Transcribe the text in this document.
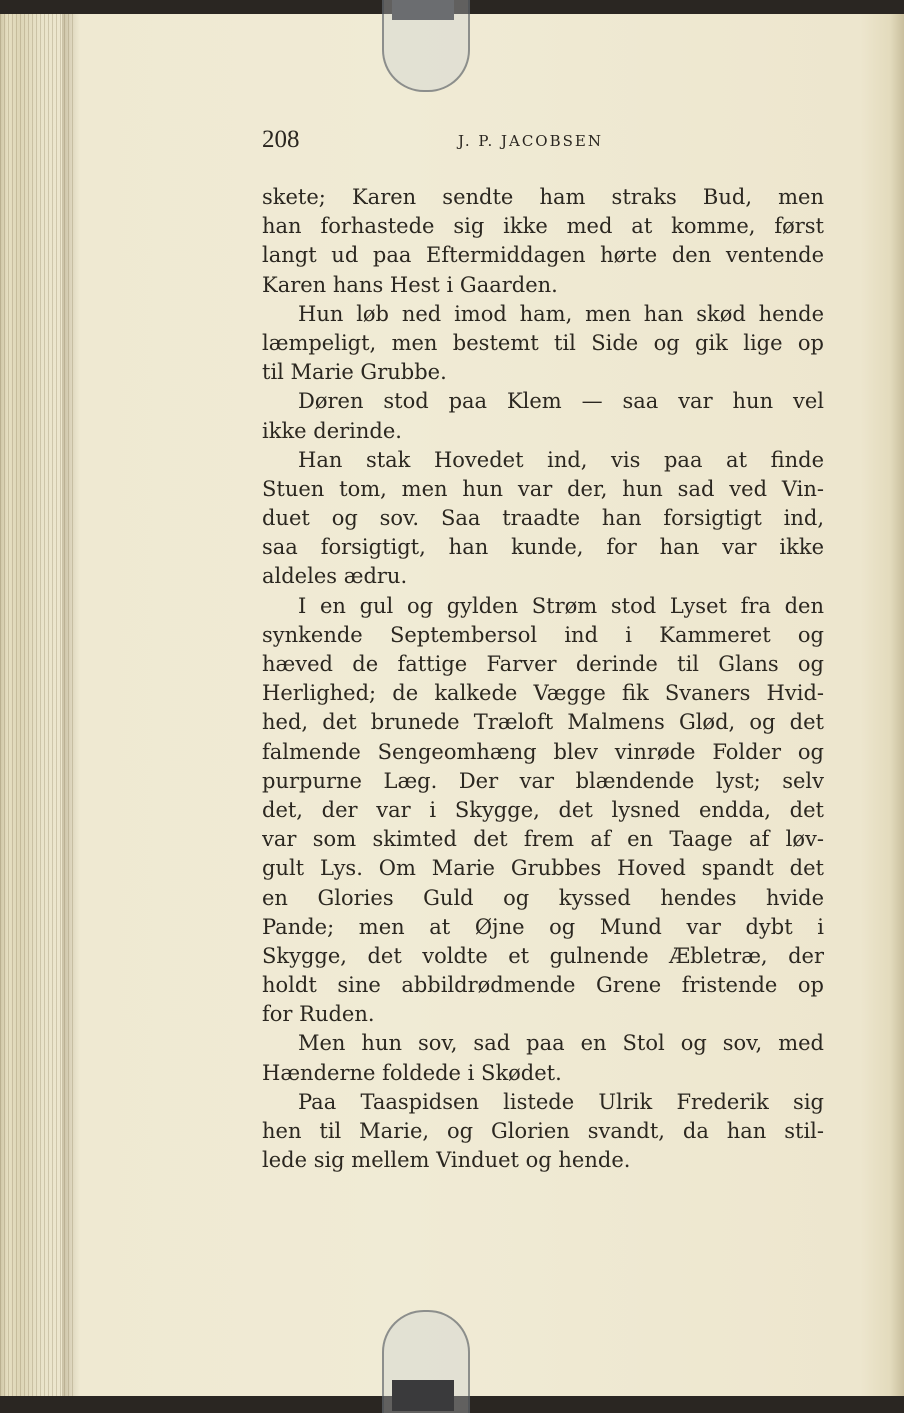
208	J. P. JACOBSEN
skete; Karen sendte ham straks Bud, men
han forhastede sig ikke med at komme, først
langt ud paa Eftermiddagen hørte den ventende
Karen hans Hest i Gaarden.
Hun løb ned imod ham, men han skød hende
læmpeligt, men bestemt til Side og gik lige op
til Marie Grubbe.
Døren stod paa Klem — saa var hun vel
ikke derinde.
Han stak Hovedet ind, vis paa at finde
Stuen tom, men hun var der, hun sad ved Vin-
duet og sov. Saa traadte han forsigtigt ind,
saa forsigtigt, han kunde, for han var ikke
aldeles ædru.
I en gul og gylden Strøm stod Lyset fra den
synkende Septembersol ind i Kammeret og
hæved de fattige Farver derinde til Glans og
Herlighed; de kalkede Vægge fik Svaners Hvid-
hed, det brunede Træloft Malmens Glød, og det
falmende Sengeomhæng blev vinrøde Folder og
purpurne Læg. Der var blændende lyst; selv
det, der var i Skygge, det lysned endda, det
var som skimted det frem af en Taage af løv-
gult Lys. Om Marie Grubbes Hoved spandt det
en Glories Guld og kyssed hendes hvide
Pande; men at Øjne og Mund var dybt i
Skygge, det voldte et gulnende Æbletræ, der
holdt sine abbildrødmende Grene fristende op
for Ruden.
Men hun sov, sad paa en Stol og sov, med
Hænderne foldede i Skødet.
Paa Taaspidsen listede Ulrik Frederik sig
hen til Marie, og Glorien svandt, da han stil-
lede sig mellem Vinduet og hende.
